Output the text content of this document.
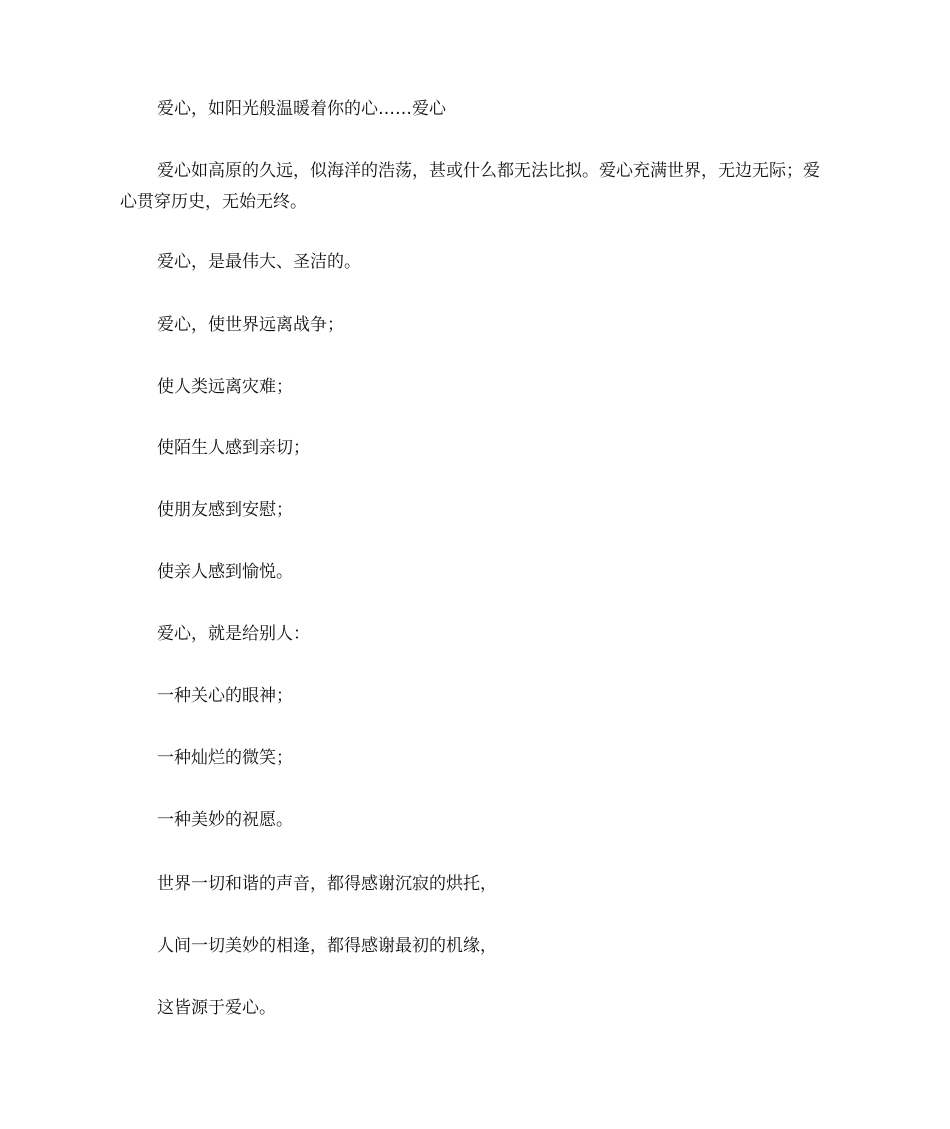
爱心，如阳光般温暖着你的心……爱心

爱心如高原的久远，似海洋的浩荡，甚或什么都无法比拟。爱心充满世界，无边无际；爱心贯穿历史，无始无终。

爱心，是最伟大、圣洁的。

爱心，使世界远离战争；

使人类远离灾难；

使陌生人感到亲切；

使朋友感到安慰；

使亲人感到愉悦。

爱心，就是给别人：

一种关心的眼神；

一种灿烂的微笑；

一种美妙的祝愿。

世界一切和谐的声音，都得感谢沉寂的烘托，

人间一切美妙的相逢，都得感谢最初的机缘，

这皆源于爱心。
